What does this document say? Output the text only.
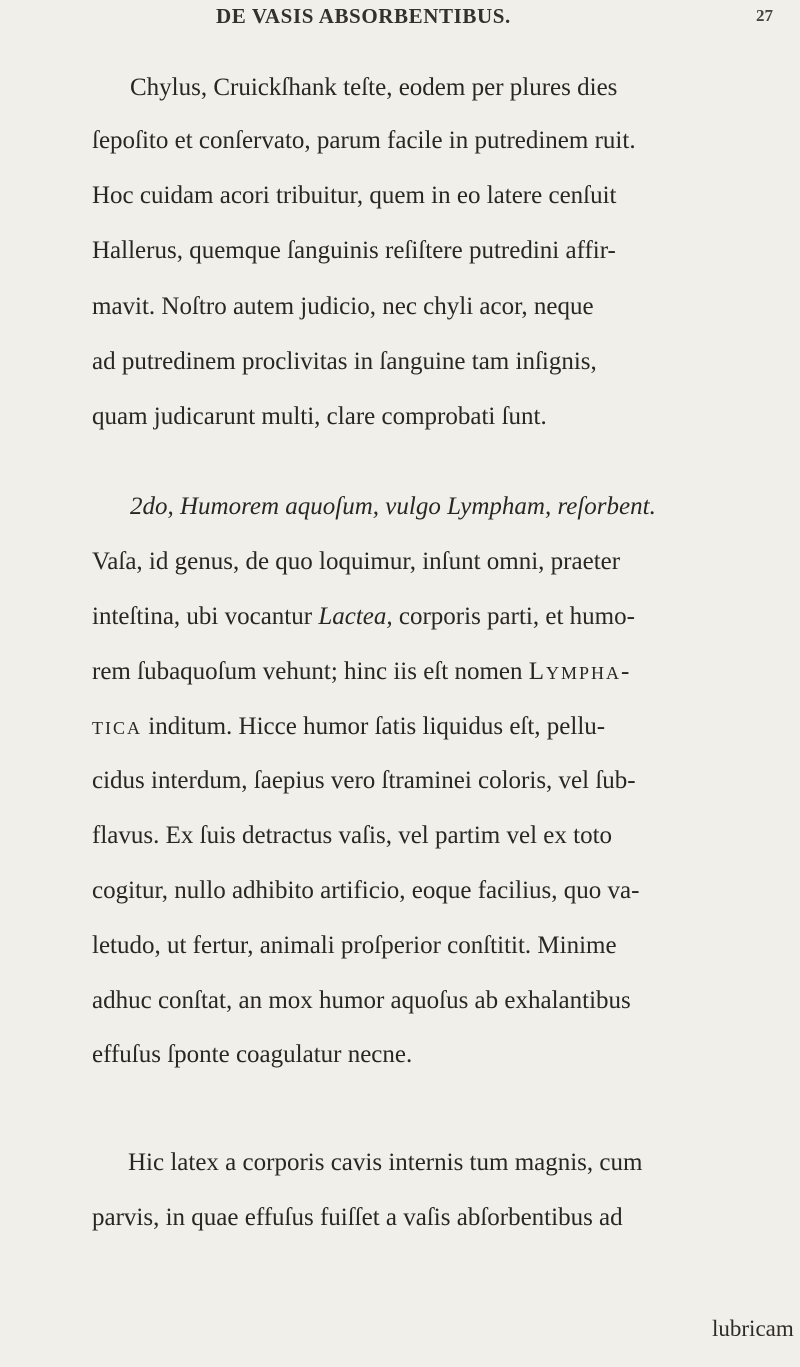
DE VASIS ABSORBENTIBUS.	27
Chylus, Cruickſhank teſte, eodem per plures dies
ſepoſito et conſervato, parum facile in putredinem ruit.
Hoc cuidam acori tribuitur, quem in eo latere cenſuit
Hallerus, quemque ſanguinis reſiſtere putredini affir-
mavit. Noſtro autem judicio, nec chyli acor, neque
ad putredinem proclivitas in ſanguine tam inſignis,
quam judicarunt multi, clare comprobati ſunt.
2do, Humorem aquoſum, vulgo Lympham, reſorbent.
Vaſa, id genus, de quo loquimur, inſunt omni, praeter
inteſtina, ubi vocantur Lactea, corporis parti, et humo-
rem ſubaquoſum vehunt; hinc iis eſt nomen Lympha-
tica inditum. Hicce humor ſatis liquidus eſt, pellu-
cidus interdum, ſaepius vero ſtraminei coloris, vel ſub-
flavus. Ex ſuis detractus vaſis, vel partim vel ex toto
cogitur, nullo adhibito artificio, eoque facilius, quo va-
letudo, ut fertur, animali proſperior conſtitit. Minime
adhuc conſtat, an mox humor aquoſus ab exhalantibus
effuſus ſponte coagulatur necne.
Hic latex a corporis cavis internis tum magnis, cum
parvis, in quae effuſus fuiſſet a vaſis abſorbentibus ad
lubricam
